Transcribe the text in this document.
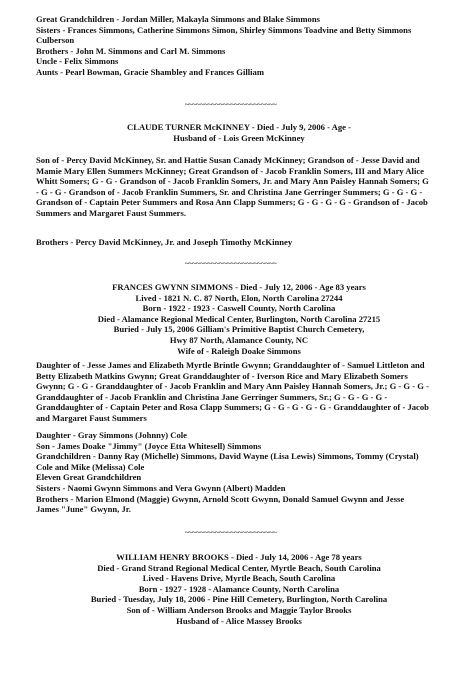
Great Grandchildren - Jordan Miller, Makayla Simmons and Blake Simmons
Sisters - Frances Simmons, Catherine Simmons Simon, Shirley Simmons Toadvine and Betty Simmons
Culberson
Brothers - John M. Simmons and Carl M. Simmons
Uncle - Felix Simmons
Aunts - Pearl Bowman, Gracie Shambley and Frances Gilliam
~~~~~~~~~~~~~~~~~~~~~~~~
CLAUDE TURNER McKINNEY - Died - July 9, 2006 - Age -
Husband of - Lois Green McKinney
Son of - Percy David McKinney, Sr. and Hattie Susan Canady McKinney; Grandson of - Jesse David and
Mamie Mary Ellen Summers McKinney; Great Grandson of - Jacob Franklin Somers, III and Mary Alice
Whitt Somers; G - G - Grandson of - Jacob Franklin Somers, Jr. and Mary Ann Paisley Hannah Somers; G
- G - G - Grandson of - Jacob Franklin Summers, Sr. and Christina Jane Gerringer Summers; G - G - G -
Grandson of - Captain Peter Summers and Rosa Ann Clapp Summers; G - G - G - G - Grandson of - Jacob
Summers and Margaret Faust Summers.
Brothers - Percy David McKinney, Jr. and Joseph Timothy McKinney
~~~~~~~~~~~~~~~~~~~~~~~~
FRANCES GWYNN SIMMONS - Died - July 12, 2006 - Age 83 years
Lived - 1821 N. C. 87 North, Elon, North Carolina 27244
Born - 1922 - 1923 - Caswell County, North Carolina
Died - Alamance Regional Medical Center, Burlington, North Carolina 27215
Buried - July 15, 2006 Gilliam's Primitive Baptist Church Cemetery,
Hwy 87 North, Alamance County, NC
Wife of - Raleigh Doake Simmons
Daughter of - Jesse James and Elizabeth Myrtle Brintle Gwynn; Granddaughter of - Samuel Littleton and
Betty Elizabeth Matkins Gwynn; Great Granddaughter of - Iverson Rice and Mary Elizabeth Somers
Gwynn; G - G - Granddaughter of - Jacob Franklin and Mary Ann Paisley Hannah Somers, Jr.; G - G - G -
Granddaughter of - Jacob Franklin and Christina Jane Gerringer Summers, Sr.; G - G - G - G -
Granddaughter of - Captain Peter and Rosa Clapp Summers; G - G - G - G - G - Granddaughter of - Jacob
and Margaret Faust Summers
Daughter - Gray Simmons (Johnny) Cole
Son - James Doake "Jimmy" (Joyce Etta Whitesell) Simmons
Grandchildren - Danny Ray (Michelle) Simmons, David Wayne (Lisa Lewis) Simmons, Tommy (Crystal)
Cole and Mike (Melissa) Cole
Eleven Great Grandchildren
Sisters - Naomi Gwynn Simmons and Vera Gwynn (Albert) Madden
Brothers - Marion Elmond (Maggie) Gwynn, Arnold Scott Gwynn, Donald Samuel Gwynn and Jesse
James "June" Gwynn, Jr.
~~~~~~~~~~~~~~~~~~~~~~~~
WILLIAM HENRY BROOKS - Died - July 14, 2006 - Age 78 years
Died - Grand Strand Regional Medical Center, Myrtle Beach, South Carolina
Lived - Havens Drive, Myrtle Beach, South Carolina
Born - 1927 - 1928 - Alamance County, North Carolina
Buried - Tuesday, July 18, 2006 - Pine Hill Cemetery, Burlington, North Carolina
Son of - William Anderson Brooks and Maggie Taylor Brooks
Husband of - Alice Massey Brooks
